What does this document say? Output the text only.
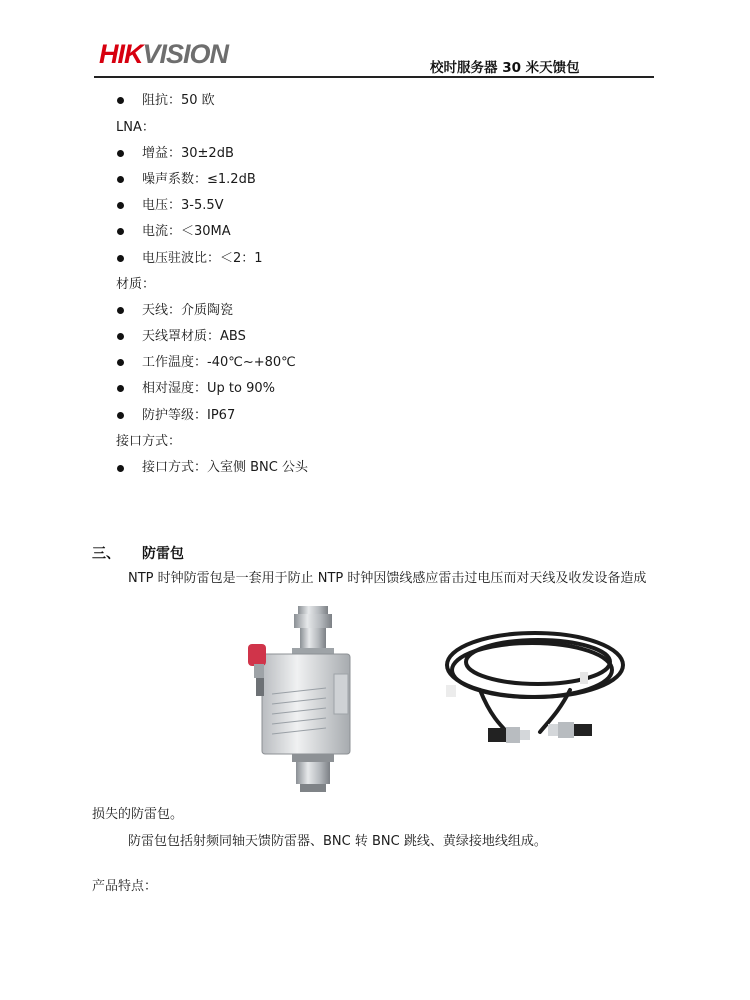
HIKVISION	校时服务器 30 米天馈包
阻抗：50 欧
LNA：
增益：30±2dB
噪声系数：≤1.2dB
电压：3-5.5V
电流：＜30MA
电压驻波比：＜2：1
材质：
天线：介质陶瓷
天线罩材质：ABS
工作温度：-40℃~+80℃
相对湿度：Up to 90%
防护等级：IP67
接口方式：
接口方式：入室侧 BNC 公头
三、 防雷包
NTP 时钟防雷包是一套用于防止 NTP 时钟因馈线感应雷击过电压而对天线及收发设备造成
损失的防雷包。
防雷包包括射频同轴天馈防雷器、BNC 转 BNC 跳线、黄绿接地线组成。
产品特点：
